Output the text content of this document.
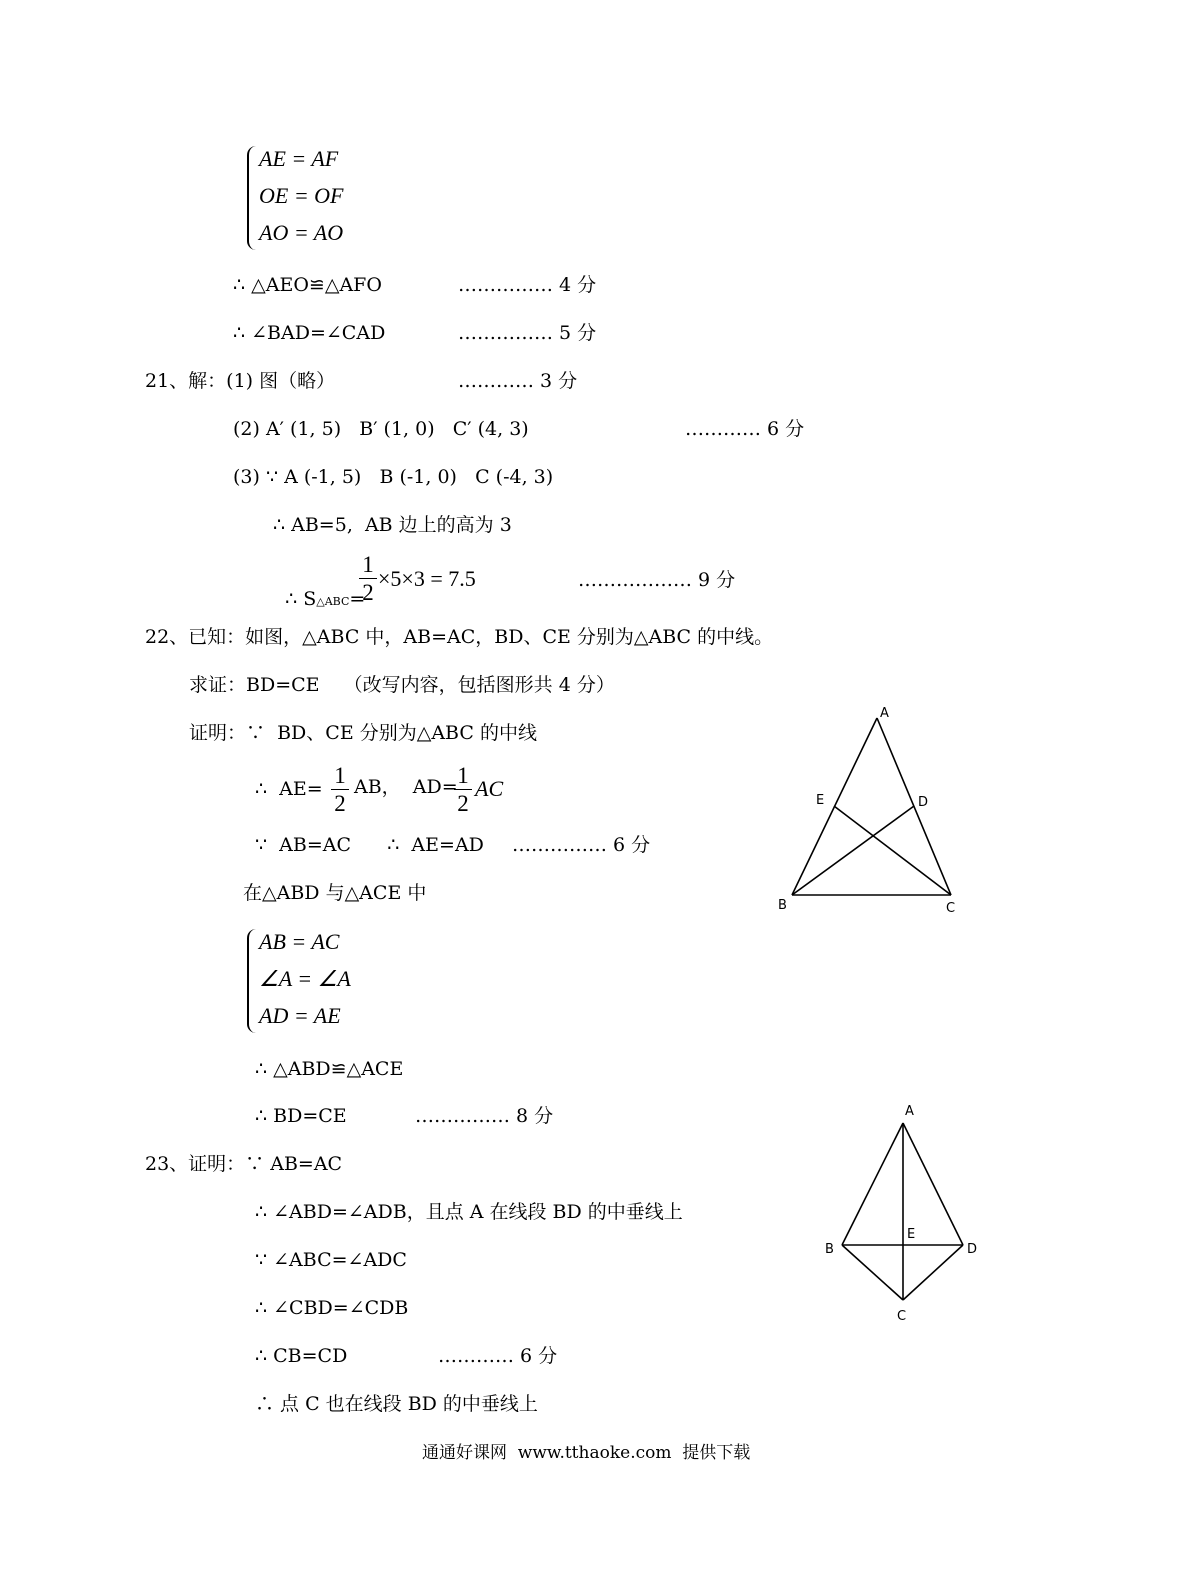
AE = AF
OE = OF
AO = AO
∴ △AEO≌△AFO	…………… 4 分
∴ ∠BAD=∠CAD	…………… 5 分
21、解：(1) 图（略）	………… 3 分
(2) A′ (1, 5)   B′ (1, 0)   C′ (4, 3)	………… 6 分
(3) ∵ A (-1, 5)   B (-1, 0)   C (-4, 3)
∴ AB=5,  AB 边上的高为 3

∴ S△ABC=

1
2
×5×3 = 7.5	……………… 9 分
22、已知：如图，△ABC 中，AB=AC，BD、CE 分别为△ABC 的中线。
求证：BD=CE    （改写内容，包括图形共 4 分）
证明：∵  BD、CE 分别为△ABC 的中线
∴  AE=
1
2
AB，  AD= 1
2
AC
∵  AB=AC      ∴  AE=AD …………… 6 分
在△ABD 与△ACE 中
AB = AC
∠A = ∠A
AD = AE
∴ △ABD≌△ACE
∴ BD=CE	…………… 8 分
A
E	D
B	C
23、证明：∵ AB=AC
∴ ∠ABD=∠ADB，且点 A 在线段 BD 的中垂线上
∵ ∠ABC=∠ADC
∴ ∠CBD=∠CDB
∴ CB=CD	………… 6 分
∴ 点 C 也在线段 BD 的中垂线上
A
E
B	D
C
通通好课网  www.tthaoke.com  提供下载
